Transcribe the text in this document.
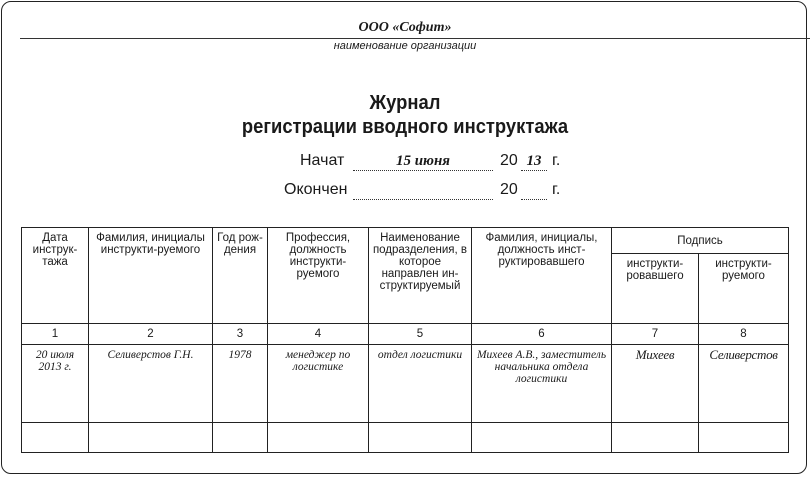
ООО «Софит»
наименование организации
Журнал
регистрации вводного инструктажа
Начат	15 июня	20 13 г.
Окончен	20 г.
Дата инструк-тажа	Фамилия, инициалы инструкти-руемого	Год рож-дения	Профессия, должность инструкти-руемого	Наименование подразделения, в которое направлен ин-структируемый	Фамилия, инициалы, должность инст-руктировавшего	Подпись	
						инструкти-ровавшего	инструкти-руемого
1	2	3	4	5	6	7	8
20 июля 2013 г.	Селиверстов Г.Н.	1978	менеджер по логистике	отдел логистики	Михеев А.В., заместитель начальника отдела логистики	Михеев	Селиверстов
